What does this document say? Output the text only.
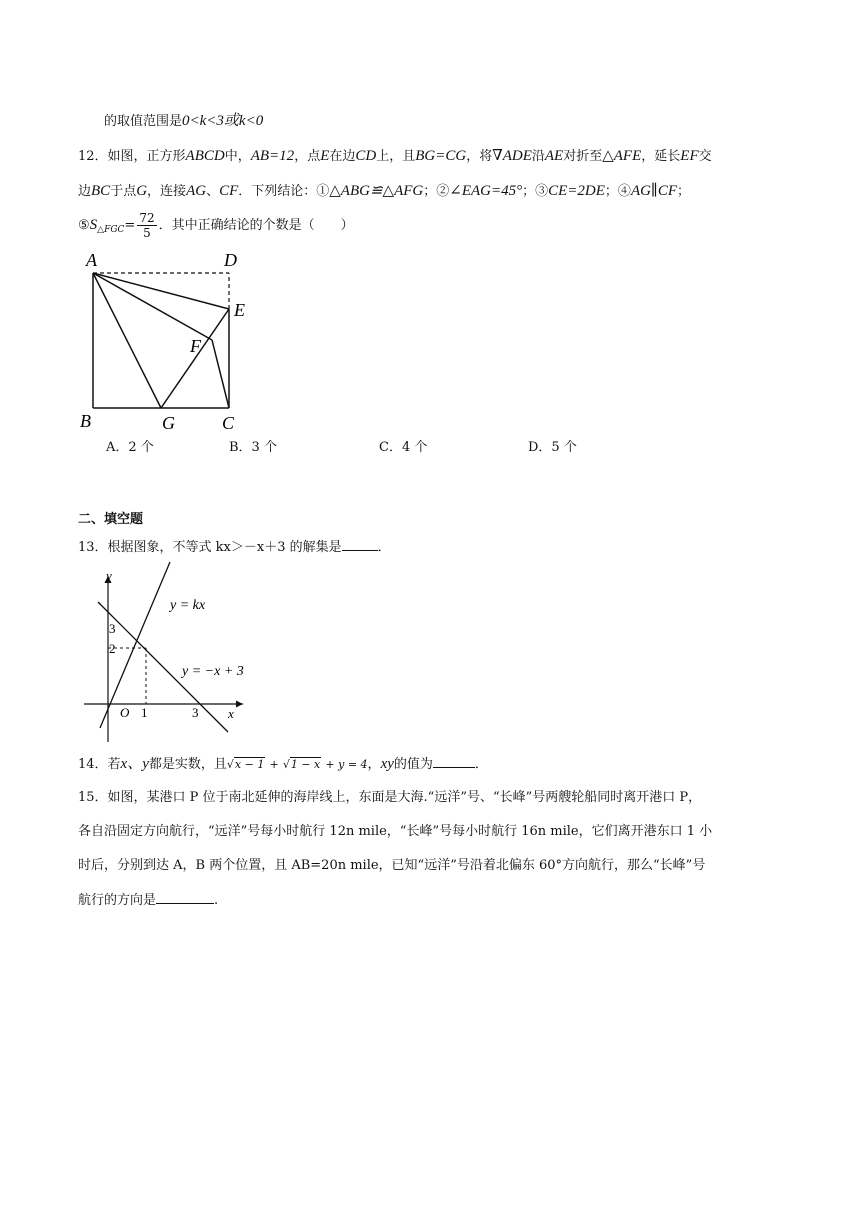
的取值范围是0<k<3或k<0
12．如图，正方形ABCD中，AB=12，点E在边CD上，且BG=CG，将∇ADE沿AE对折至△AFE，延长EF交
边BC于点G，连接AG、CF．下列结论：①△ABG≌△AFG；②∠EAG=45°；③CE=2DE；④AG∥CF；
$⑤S_{\triangle FGC}= \frac{72}{5}$ ．其中正确结论的个数是（　　）
A	D
E
F
B	G	C
A．2 个	B．3 个	C．4 个	D．5 个
二、填空题
13．根据图象，不等式 kx＞－x＋3 的解集是	．
y
x
O 1	3
2
3
y = kx
y = −x + 3
14．若x、y都是实数，且√x − 1 + √1 − x + y = 4，xy的值为	．
15．如图，某港口 P 位于南北延伸的海岸线上，东面是大海.“远洋”号、“长峰”号两艘轮船同时离开港口 P，
各自沿固定方向航行，“远洋”号每小时航行 12n mile，“长峰”号每小时航行 16n mile，它们离开港东口 1 小
时后，分别到达 A，B 两个位置，且 AB=20n mile，已知“远洋”号沿着北偏东 60°方向航行，那么“长峰”号
航行的方向是	.
